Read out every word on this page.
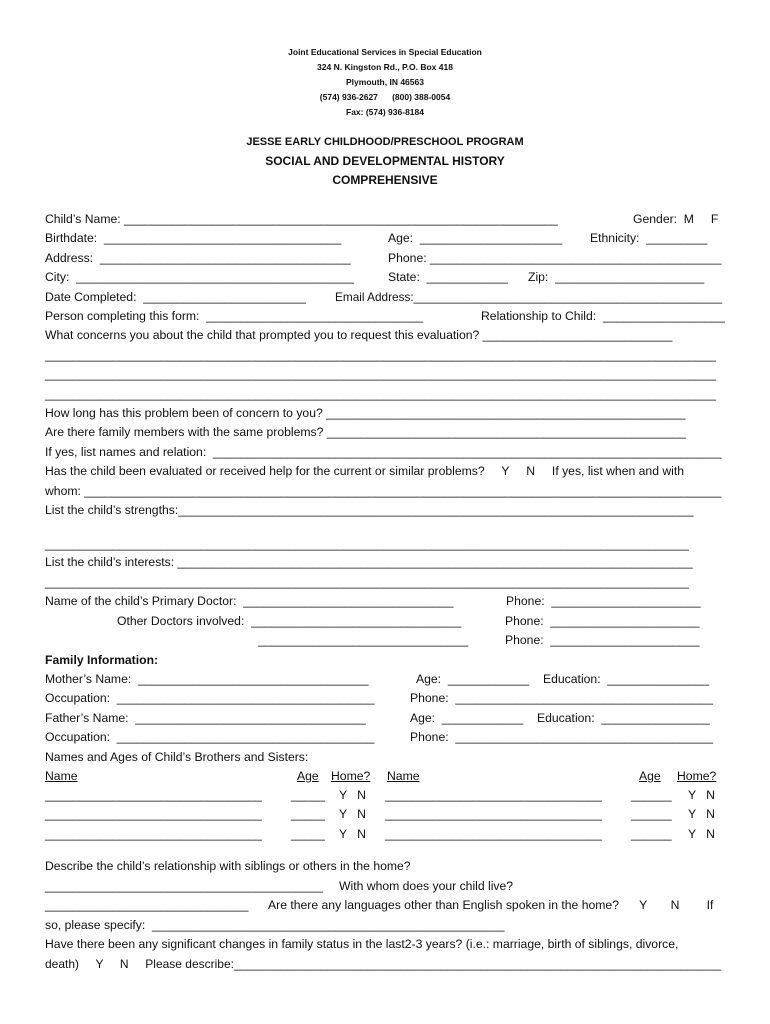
Joint Educational Services in Special Education
324 N. Kingston Rd., P.O. Box 418
Plymouth, IN 46563
(574) 936-2627      (800) 388-0054
Fax: (574) 936-8184
JESSE EARLY CHILDHOOD/PRESCHOOL PROGRAM
SOCIAL AND DEVELOPMENTAL HISTORY
COMPREHENSIVE
Child’s Name: ________________________________________________________________	Gender:  M     F
Birthdate:  ___________________________________	Age:  _____________________ Ethnicity:  _________
Address:  _____________________________________	Phone: ___________________________________________
City:  _________________________________________	State:  ____________ Zip:  ______________________
Date Completed:  ________________________ Email Address:_______________________________________________
Person completing this form:  ________________________________	Relationship to Child:  __________________
What concerns you about the child that prompted you to request this evaluation? ____________________________
___________________________________________________________________________________________________
___________________________________________________________________________________________________
___________________________________________________________________________________________________
How long has this problem been of concern to you? _____________________________________________________
Are there family members with the same problems? _____________________________________________________
If yes, list names and relation:  ___________________________________________________________________________
Has the child been evaluated or received help for the current or similar problems?     Y     N     If yes, list when and with
whom: ______________________________________________________________________________________________
List the child’s strengths:____________________________________________________________________________
_______________________________________________________________________________________________
List the child’s interests: ____________________________________________________________________________
_______________________________________________________________________________________________
Name of the child’s Primary Doctor:  _______________________________	Phone:  ______________________
Other Doctors involved:  _______________________________	Phone:  ______________________
_______________________________	Phone:  ______________________
Family Information:
Mother’s Name:  __________________________________	Age:  ____________ Education:  _______________
Occupation:  ______________________________________	Phone:  ______________________________________
Father’s Name:  __________________________________	Age:  ____________ Education:  ________________
Occupation:  ______________________________________	Phone:  ______________________________________
Names and Ages of Child’s Brothers and Sisters:
Name	Age Home? Name	Age Home?
________________________________ _____ Y   N ________________________________ ______ Y   N
________________________________ _____ Y   N ________________________________ ______ Y   N
________________________________ _____ Y   N ________________________________ ______ Y   N
Describe the child’s relationship with siblings or others in the home?
_________________________________________ With whom does your child live?
______________________________ Are there any languages other than English spoken in the home?      Y       N        If
so, please specify:  ____________________________________________________
Have there been any significant changes in family status in the last2-3 years? (i.e.: marriage, birth of siblings, divorce,
death)     Y     N     Please describe:_________________________________________________________________________
